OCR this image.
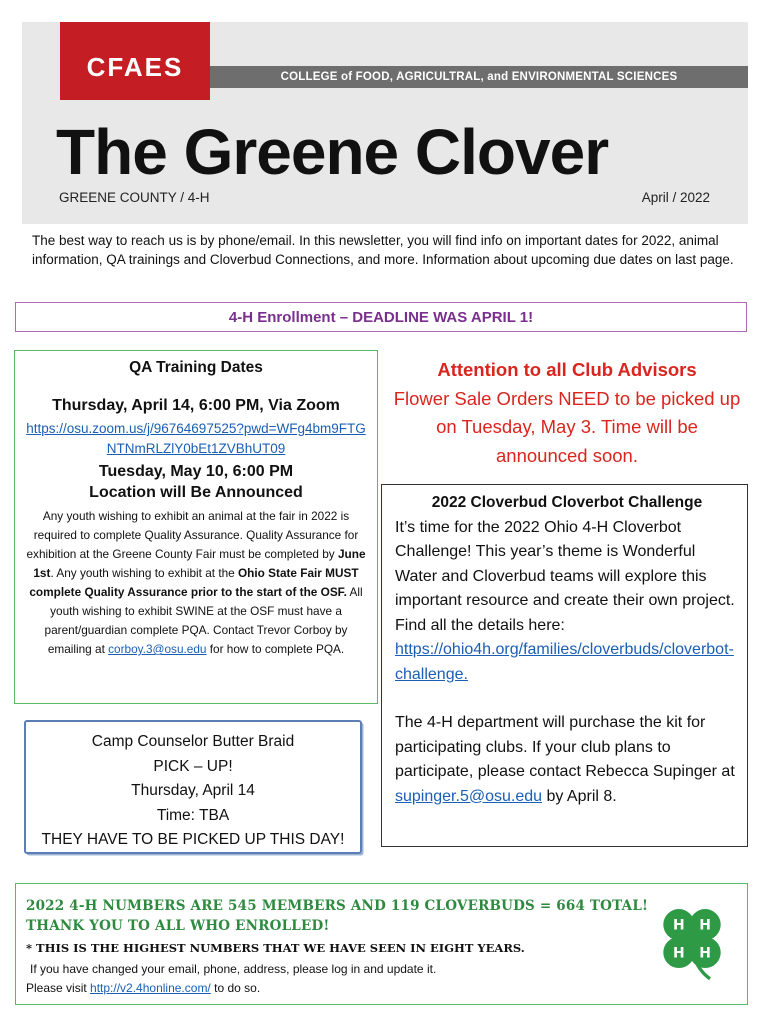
CFAES	COLLEGE of FOOD, AGRICULTRAL, and ENVIRONMENTAL SCIENCES
The Greene Clover
GREENE COUNTY / 4-H	April / 2022
The best way to reach us is by phone/email. In this newsletter, you will find info on important dates for 2022, animal information, QA trainings and Cloverbud Connections, and more. Information about upcoming due dates on last page.
4-H Enrollment – DEADLINE WAS APRIL 1!
QA Training Dates
Thursday, April 14, 6:00 PM, Via Zoom
https://osu.zoom.us/j/96764697525?pwd=WFg4bm9FTGNTNmRLZlY0bEt1ZVBhUT09
Tuesday, May 10, 6:00 PM
Location will Be Announced
Any youth wishing to exhibit an animal at the fair in 2022 is required to complete Quality Assurance. Quality Assurance for exhibition at the Greene County Fair must be completed by June 1st. Any youth wishing to exhibit at the Ohio State Fair MUST complete Quality Assurance prior to the start of the OSF. All youth wishing to exhibit SWINE at the OSF must have a parent/guardian complete PQA. Contact Trevor Corboy by emailing at corboy.3@osu.edu for how to complete PQA.
Camp Counselor Butter Braid
PICK – UP!
Thursday, April 14
Time: TBA
THEY HAVE TO BE PICKED UP THIS DAY!
Attention to all Club Advisors
Flower Sale Orders NEED to be picked up on Tuesday, May 3. Time will be announced soon.
2022 Cloverbud Cloverbot Challenge
It’s time for the 2022 Ohio 4-H Cloverbot Challenge! This year’s theme is Wonderful Water and Cloverbud teams will explore this important resource and create their own project. Find all the details here: https://ohio4h.org/families/cloverbuds/cloverbot-challenge.
The 4-H department will purchase the kit for participating clubs. If your club plans to participate, please contact Rebecca Supinger at supinger.5@osu.edu by April 8.
2022 4-H NUMBERS ARE 545 MEMBERS AND 119 CLOVERBUDS = 664 TOTAL!
THANK YOU TO ALL WHO ENROLLED!
* THIS IS THE HIGHEST NUMBERS THAT WE HAVE SEEN IN EIGHT YEARS.
If you have changed your email, phone, address, please log in and update it.
Please visit http://v2.4honline.com/ to do so.
H H
H H
